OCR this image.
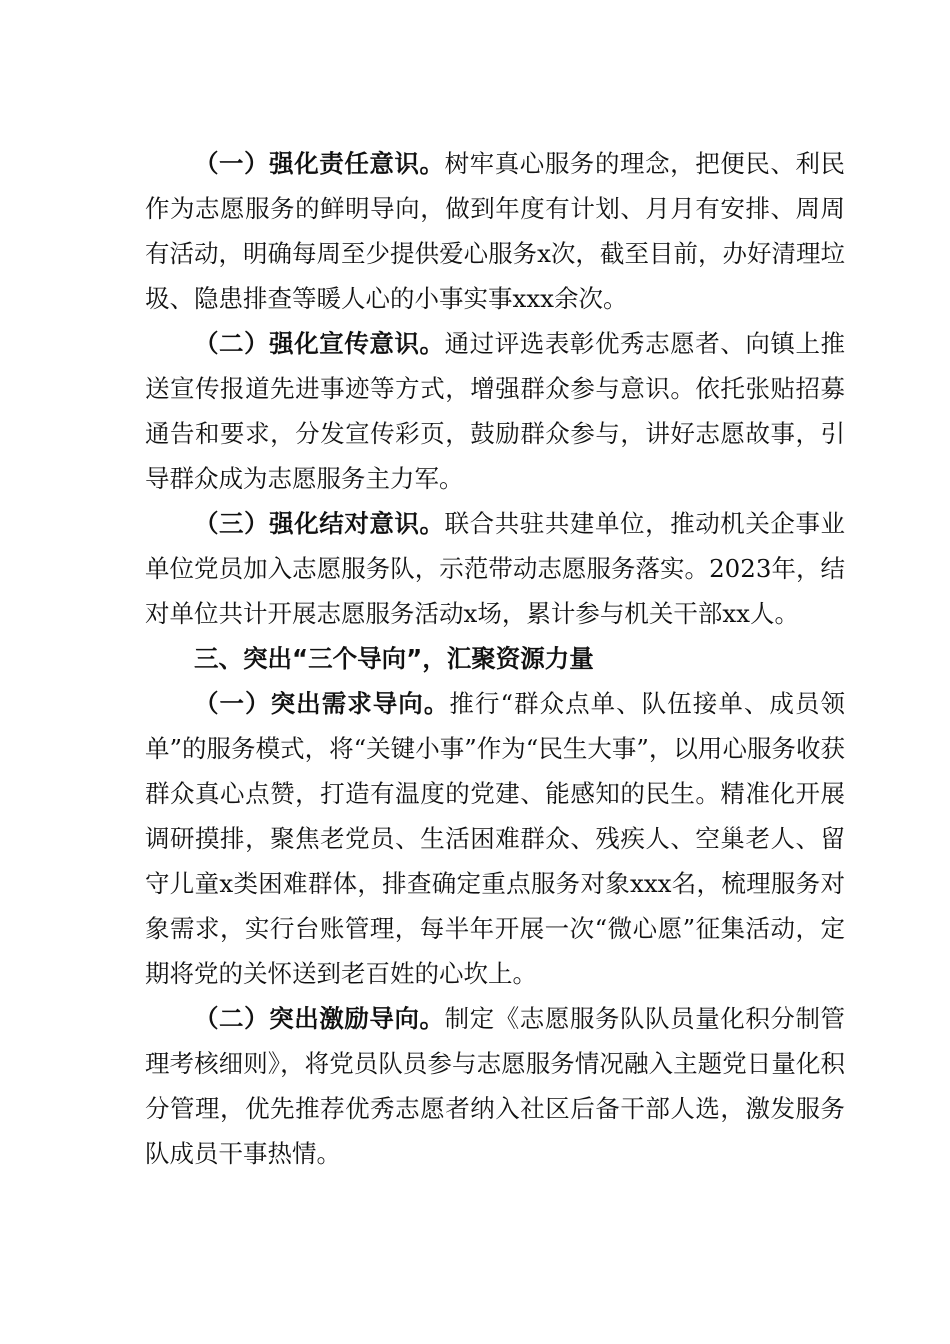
（一）强化责任意识。树牢真心服务的理念，把便民、利民作为志愿服务的鲜明导向，做到年度有计划、月月有安排、周周有活动，明确每周至少提供爱心服务x次，截至目前，办好清理垃圾、隐患排查等暖人心的小事实事xxx余次。

（二）强化宣传意识。通过评选表彰优秀志愿者、向镇上推送宣传报道先进事迹等方式，增强群众参与意识。依托张贴招募通告和要求，分发宣传彩页，鼓励群众参与，讲好志愿故事，引导群众成为志愿服务主力军。

（三）强化结对意识。联合共驻共建单位，推动机关企事业单位党员加入志愿服务队，示范带动志愿服务落实。2023年，结对单位共计开展志愿服务活动x场，累计参与机关干部xx人。

三、突出“三个导向”，汇聚资源力量

（一）突出需求导向。推行“群众点单、队伍接单、成员领单”的服务模式，将“关键小事”作为“民生大事”，以用心服务收获群众真心点赞，打造有温度的党建、能感知的民生。精准化开展调研摸排，聚焦老党员、生活困难群众、残疾人、空巢老人、留守儿童x类困难群体，排查确定重点服务对象xxx名，梳理服务对象需求，实行台账管理，每半年开展一次“微心愿”征集活动，定期将党的关怀送到老百姓的心坎上。

（二）突出激励导向。制定《志愿服务队队员量化积分制管理考核细则》，将党员队员参与志愿服务情况融入主题党日量化积分管理，优先推荐优秀志愿者纳入社区后备干部人选，激发服务队成员干事热情。
